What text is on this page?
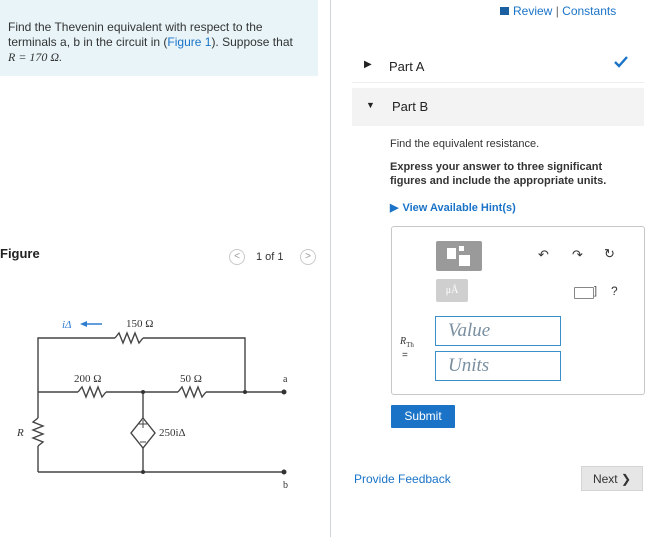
Find the Thevenin equivalent with respect to the terminals a, b in the circuit in (Figure 1). Suppose that
R = 170 Ω.
Figure	<	1 of 1	>
iΔ	150 Ω
200 Ω	50 Ω
250iΔ
R
a
b
Review | Constants
▶ Part A
▼ Part B
Find the equivalent resistance.
Express your answer to three significant figures and include the appropriate units.
▶ View Available Hint(s)
μÅ
↶ ↷ ↻
] ?
$R_{Th}$
=
Value
Units
Submit
Provide Feedback	Next ❯
